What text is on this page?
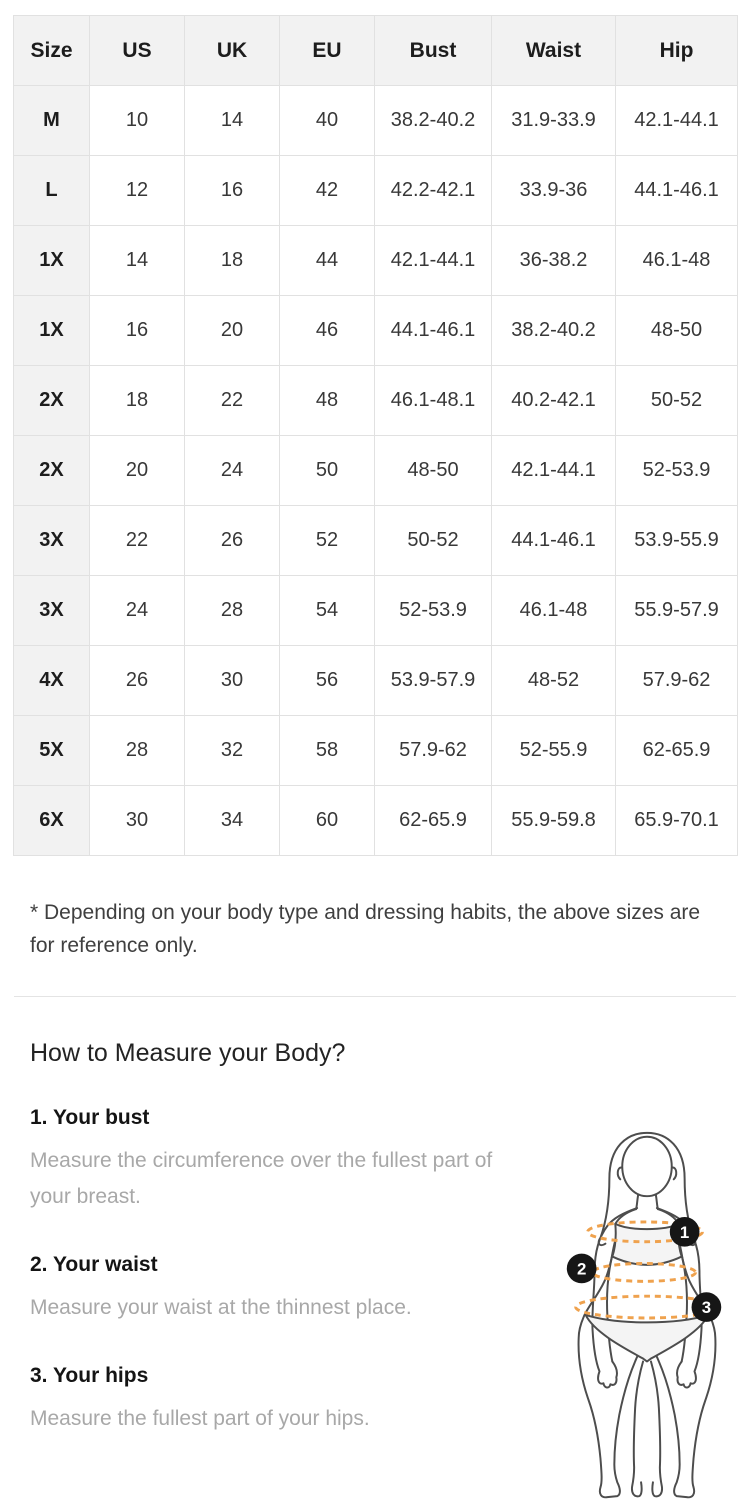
Size	US	UK	EU	Bust	Waist	Hip
M	10	14	40	38.2-40.2	31.9-33.9	42.1-44.1
L	12	16	42	42.2-42.1	33.9-36	44.1-46.1
1X	14	18	44	42.1-44.1	36-38.2	46.1-48
1X	16	20	46	44.1-46.1	38.2-40.2	48-50
2X	18	22	48	46.1-48.1	40.2-42.1	50-52
2X	20	24	50	48-50	42.1-44.1	52-53.9
3X	22	26	52	50-52	44.1-46.1	53.9-55.9
3X	24	28	54	52-53.9	46.1-48	55.9-57.9
4X	26	30	56	53.9-57.9	48-52	57.9-62
5X	28	32	58	57.9-62	52-55.9	62-65.9
6X	30	34	60	62-65.9	55.9-59.8	65.9-70.1

* Depending on your body type and dressing habits, the above sizes are for reference only.

How to Measure your Body?
1. Your bust

Measure the circumference over the fullest part of your breast.

2. Your waist

Measure your waist at the thinnest place.

3. Your hips

Measure the fullest part of your hips.

1
2
3
